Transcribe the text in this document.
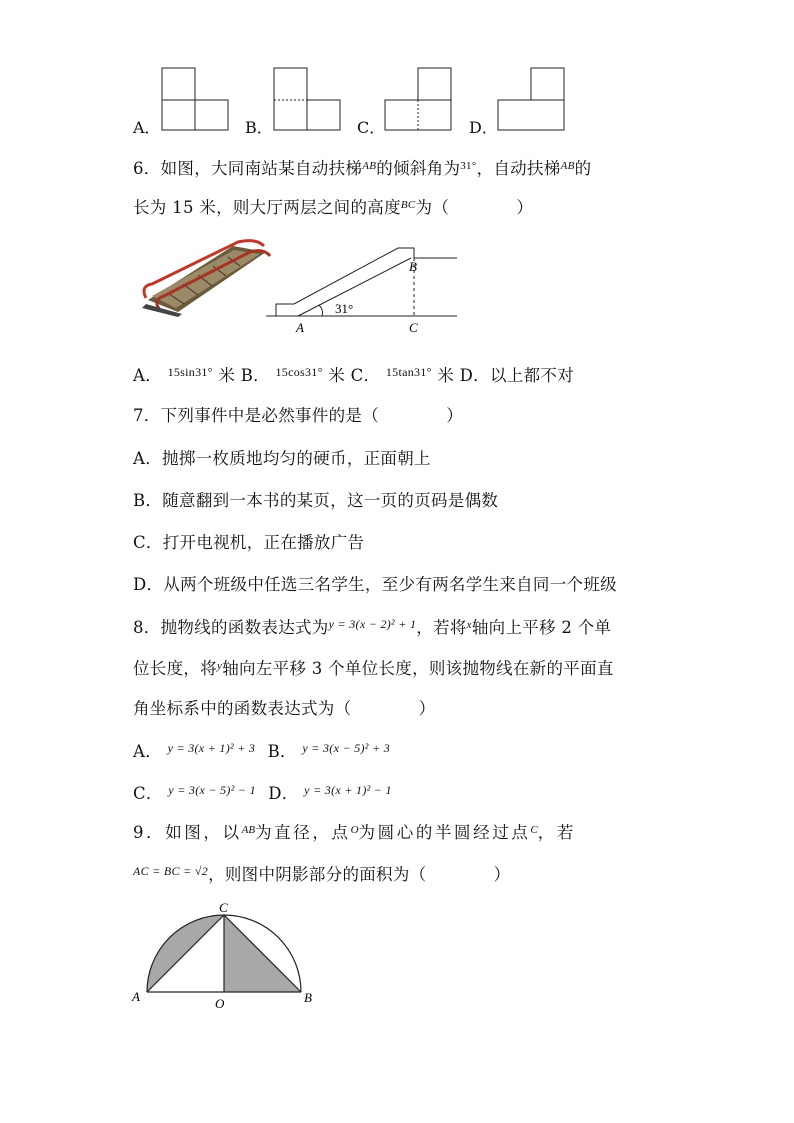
A．	B．	C．	D．
6．如图，大同南站某自动扶梯$^{AB}$的倾斜角为$^{31^\circ}$，自动扶梯$^{AB}$的
长为 15 米，则大厅两层之间的高度$^{BC}$为（　　　　）
31°
A
B
C
A． $^{15sin31^\circ}$ 米 B． $^{15cos31^\circ}$ 米 C． $^{15tan31^\circ}$ 米 D．以上都不对
7．下列事件中是必然事件的是（　　　　）
A．抛掷一枚质地均匀的硬币，正面朝上
B．随意翻到一本书的某页，这一页的页码是偶数
C．打开电视机，正在播放广告
D．从两个班级中任选三名学生，至少有两名学生来自同一个班级
8．抛物线的函数表达式为$^{y = 3(x - 2)^2 + 1}$，若将$^x$轴向上平移 2 个单
位长度，将$^y$轴向左平移 3 个单位长度，则该抛物线在新的平面直
角坐标系中的函数表达式为（　　　　）
A． y = 3(x + 1)² + 3 B． $^{y = 3(x - 5)^2 + 3}$
C． y = 3(x − 5)² − 1 D． $^{y = 3(x + 1)^2 - 1}$
9．如图，以$^{AB}$为直径，点$^O$为圆心的半圆经过点$^C$，若
$^{AC = BC = √2}$，则图中阴影部分的面积为（　　　　）
A	B
C
O
